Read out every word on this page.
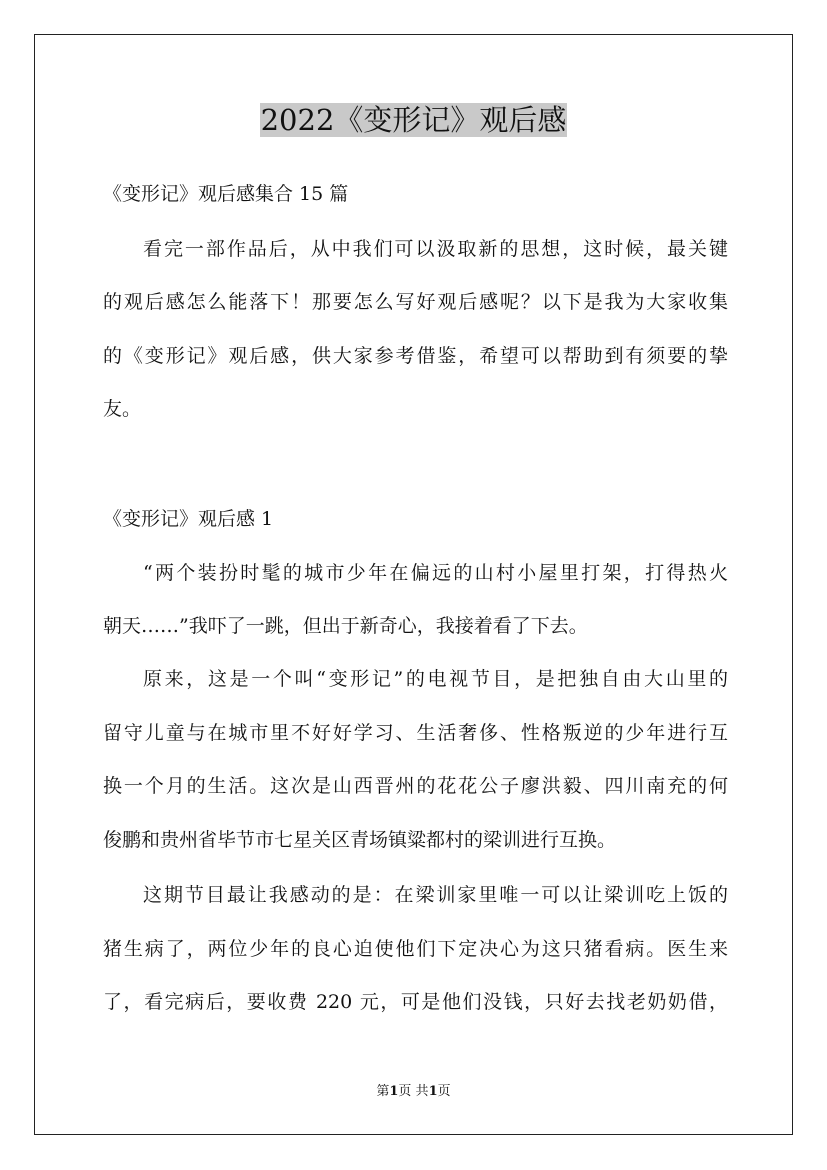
2022《变形记》观后感
《变形记》观后感集合 15 篇
看完一部作品后，从中我们可以汲取新的思想，这时候，最关键
的观后感怎么能落下！那要怎么写好观后感呢？以下是我为大家收集
的《变形记》观后感，供大家参考借鉴，希望可以帮助到有须要的挚
友。
《变形记》观后感 1
“两个装扮时髦的城市少年在偏远的山村小屋里打架，打得热火
朝天……”我吓了一跳，但出于新奇心，我接着看了下去。
原来，这是一个叫“变形记”的电视节目，是把独自由大山里的
留守儿童与在城市里不好好学习、生活奢侈、性格叛逆的少年进行互
换一个月的生活。这次是山西晋州的花花公子廖洪毅、四川南充的何
俊鹏和贵州省毕节市七星关区青场镇粱都村的梁训进行互换。
这期节目最让我感动的是：在梁训家里唯一可以让梁训吃上饭的
猪生病了，两位少年的良心迫使他们下定决心为这只猪看病。医生来
了，看完病后，要收费 220 元，可是他们没钱，只好去找老奶奶借，
第1页 共1页
